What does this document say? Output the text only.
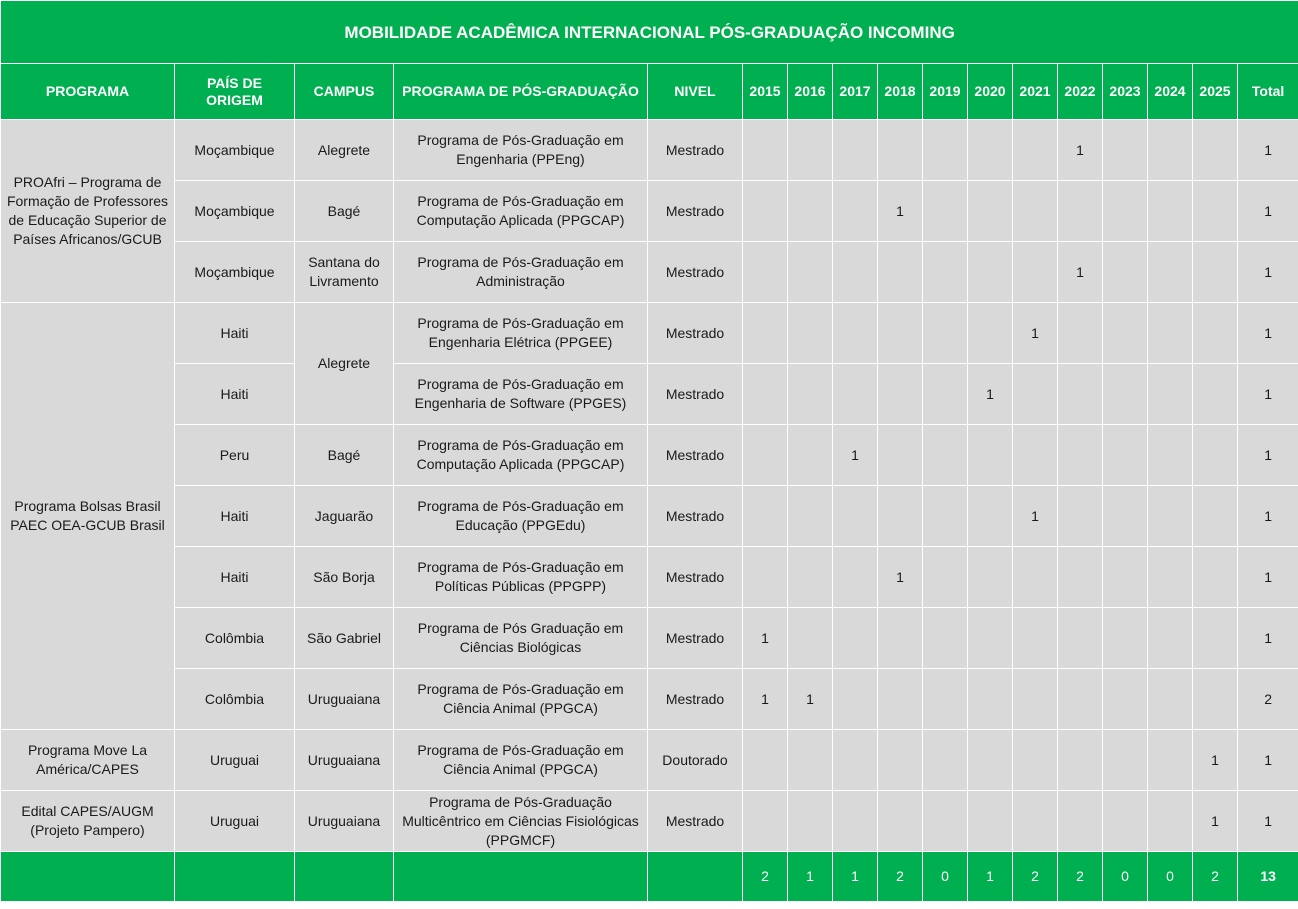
MOBILIDADE ACADÊMICA INTERNACIONAL PÓS-GRADUAÇÃO INCOMING																
PROGRAMA	PAÍS DE ORIGEM	CAMPUS	PROGRAMA DE PÓS-GRADUAÇÃO	NIVEL	2015	2016	2017	2018	2019	2020	2021	2022	2023	2024	2025	Total
PROAfri – Programa de Formação de Professores de Educação Superior de Países Africanos/GCUB	Moçambique	Alegrete	Programa de Pós-Graduação em Engenharia (PPEng)	Mestrado								1				1
	Moçambique	Bagé	Programa de Pós-Graduação em Computação Aplicada (PPGCAP)	Mestrado				1								1
	Moçambique	Santana do Livramento	Programa de Pós-Graduação em Administração	Mestrado								1				1
Programa Bolsas Brasil PAEC OEA-GCUB Brasil	Haiti	Alegrete	Programa de Pós-Graduação em Engenharia Elétrica (PPGEE)	Mestrado							1					1
	Haiti		Programa de Pós-Graduação em Engenharia de Software (PPGES)	Mestrado						1						1
	Peru	Bagé	Programa de Pós-Graduação em Computação Aplicada (PPGCAP)	Mestrado			1									1
	Haiti	Jaguarão	Programa de Pós-Graduação em Educação (PPGEdu)	Mestrado							1					1
	Haiti	São Borja	Programa de Pós-Graduação em Políticas Públicas (PPGPP)	Mestrado				1								1
	Colômbia	São Gabriel	Programa de Pós Graduação em Ciências Biológicas	Mestrado	1											1
	Colômbia	Uruguaiana	Programa de Pós-Graduação em Ciência Animal (PPGCA)	Mestrado	1	1										2
Programa Move La América/CAPES	Uruguai	Uruguaiana	Programa de Pós-Graduação em Ciência Animal (PPGCA)	Doutorado											1	1
Edital CAPES/AUGM (Projeto Pampero)	Uruguai	Uruguaiana	Programa de Pós-Graduação Multicêntrico em Ciências Fisiológicas (PPGMCF)	Mestrado											1	1
					2	1	1	2	0	1	2	2	0	0	2	13
